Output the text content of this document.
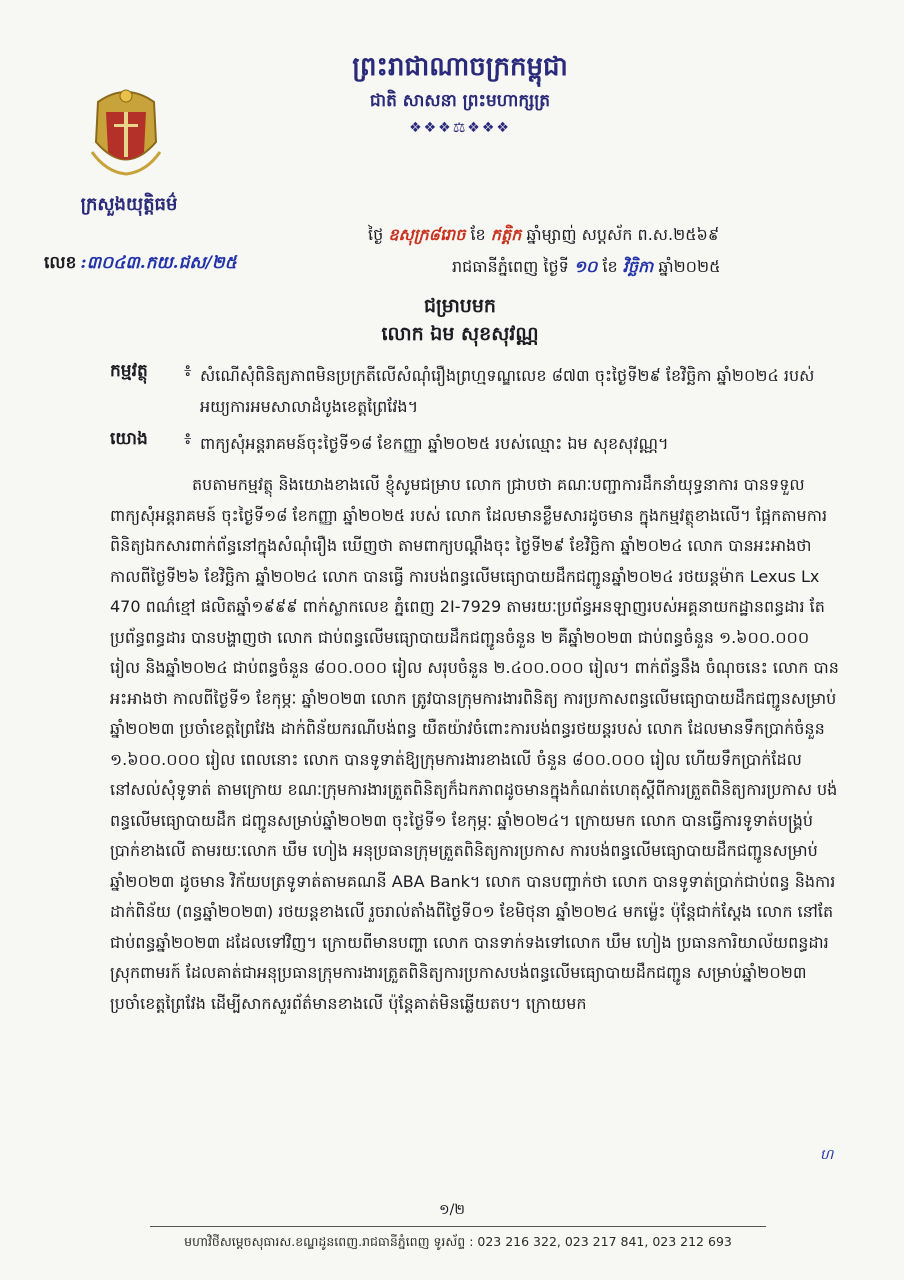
ព្រះរាជាណាចក្រកម្ពុជា
ជាតិ សាសនា ព្រះមហាក្សត្រ
❖❖❖⚖❖❖❖
ក្រសួងយុត្តិធម៌
លេខ :៣០៤៣.កយ.ជស/២៥
ថ្ងៃ ឧសុក្រ៨រោច ខែ កត្តិក ឆ្នាំម្សាញ់ សប្តស័ក ព.ស.២៥៦៩
រាជធានីភ្នំពេញ ថ្ងៃទី ១០ ខែ វិច្ឆិកា ឆ្នាំ២០២៥
ជម្រាបមក
លោក ឯម សុខសុវណ្ណ
កម្មវត្ថុ ៖ សំណើសុំពិនិត្យភាពមិនប្រក្រតីលើសំណុំរឿងព្រហ្មទណ្ឌលេខ ៨៧៣ ចុះថ្ងៃទី២៩ ខែវិច្ឆិកា ឆ្នាំ២០២៤ របស់អយ្យការអមសាលាដំបូងខេត្តព្រៃវែង។
យោង ៖ ពាក្យសុំអន្តរាគមន៍ចុះថ្ងៃទី១៨ ខែកញ្ញា ឆ្នាំ២០២៥ របស់ឈ្មោះ ឯម សុខសុវណ្ណ។
តបតាមកម្មវត្ថុ និងយោងខាងលើ ខ្ញុំសូមជម្រាប លោក ជ្រាបថា គណៈបញ្ជាការដឹកនាំយុទ្ធនាការ បានទទួលពាក្យសុំអន្តរាគមន៍ ចុះថ្ងៃទី១៨ ខែកញ្ញា ឆ្នាំ២០២៥ របស់ លោក ដែលមានខ្លឹមសារដូចមាន ក្នុងកម្មវត្ថុខាងលើ។ ផ្អែកតាមការពិនិត្យឯកសារពាក់ព័ន្ធនៅក្នុងសំណុំរឿង ឃើញថា តាមពាក្យបណ្តឹងចុះ ថ្ងៃទី២៩ ខែវិច្ឆិកា ឆ្នាំ២០២៤ លោក បានអះអាងថា កាលពីថ្ងៃទី២៦ ខែវិច្ឆិកា ឆ្នាំ២០២៤ លោក បានធ្វើ ការបង់ពន្ធលើមធ្យោបាយដឹកជញ្ជូនឆ្នាំ២០២៤ រថយន្តម៉ាក Lexus Lx 470 ពណ៌ខ្មៅ ផលិតឆ្នាំ១៩៩៩ ពាក់ស្លាកលេខ ភ្នំពេញ 2I-7929 តាមរយៈប្រព័ន្ធអនឡាញរបស់អគ្គនាយកដ្ឋានពន្ធដារ តែប្រព័ន្ធពន្ធដារ បានបង្ហាញថា លោក ជាប់ពន្ធលើមធ្យោបាយដឹកជញ្ជូនចំនួន ២ គឺឆ្នាំ២០២៣ ជាប់ពន្ធចំនួន ១.៦០០.០០០ រៀល និងឆ្នាំ២០២៤ ជាប់ពន្ធចំនួន ៨០០.០០០ រៀល សរុបចំនួន ២.៤០០.០០០ រៀល។ ពាក់ព័ន្ធនឹង ចំណុចនេះ លោក បានអះអាងថា កាលពីថ្ងៃទី១ ខែកុម្ភៈ ឆ្នាំ២០២៣ លោក ត្រូវបានក្រុមការងារពិនិត្យ ការប្រកាសពន្ធលើមធ្យោបាយដឹកជញ្ជូនសម្រាប់ឆ្នាំ២០២៣ ប្រចាំខេត្តព្រៃវែង ដាក់ពិន័យករណីបង់ពន្ធ យឺតយ៉ាវចំពោះការបង់ពន្ធរថយន្តរបស់ លោក ដែលមានទឹកប្រាក់ចំនួន ១.៦០០.០០០ រៀល ពេលនោះ លោក បានទូទាត់ឱ្យក្រុមការងារខាងលើ ចំនួន ៨០០.០០០ រៀល ហើយទឹកប្រាក់ដែលនៅសល់សុំទូទាត់ តាមក្រោយ ខណៈក្រុមការងារត្រួតពិនិត្យក៏ឯកភាពដូចមានក្នុងកំណត់ហេតុស្តីពីការត្រួតពិនិត្យការប្រកាស បង់ពន្ធលើមធ្យោបាយដឹក ជញ្ជូនសម្រាប់ឆ្នាំ២០២៣ ចុះថ្ងៃទី១ ខែកុម្ភៈ ឆ្នាំ២០២៤។ ក្រោយមក លោក បានធ្វើការទូទាត់បង្គ្រប់ប្រាក់ខាងលើ តាមរយៈលោក ឃឹម ហៀង អនុប្រធានក្រុមត្រួតពិនិត្យការប្រកាស ការបង់ពន្ធលើមធ្យោបាយដឹកជញ្ជូនសម្រាប់ឆ្នាំ២០២៣ ដូចមាន វិក័យបត្រទូទាត់តាមគណនី ABA Bank។ លោក បានបញ្ជាក់ថា លោក បានទូទាត់ប្រាក់ជាប់ពន្ធ និងការដាក់ពិន័យ (ពន្ធឆ្នាំ២០២៣) រថយន្តខាងលើ រួចរាល់តាំងពីថ្ងៃទី០១ ខែមិថុនា ឆ្នាំ២០២៤ មកម្ល៉េះ ប៉ុន្តែជាក់ស្តែង លោក នៅតែជាប់ពន្ធឆ្នាំ២០២៣ ដដែលទៅវិញ។ ក្រោយពីមានបញ្ហា លោក បានទាក់ទងទៅលោក ឃឹម ហៀង ប្រធានការិយាល័យពន្ធដារ ស្រុកពាមរក៍ ដែលគាត់ជាអនុប្រធានក្រុមការងារត្រួតពិនិត្យការប្រកាសបង់ពន្ធលើមធ្យោបាយដឹកជញ្ជូន សម្រាប់ឆ្នាំ២០២៣ ប្រចាំខេត្តព្រៃវែង ដើម្បីសាកសួរព័ត៌មានខាងលើ ប៉ុន្តែគាត់មិនឆ្លើយតប។ ក្រោយមក
ហ
១/២
មហាវិថីសម្តេចសុធារស.ខណ្ឌដូនពេញ.រាជធានីភ្នំពេញ ទូរស័ព្ទ : 023 216 322, 023 217 841, 023 212 693
